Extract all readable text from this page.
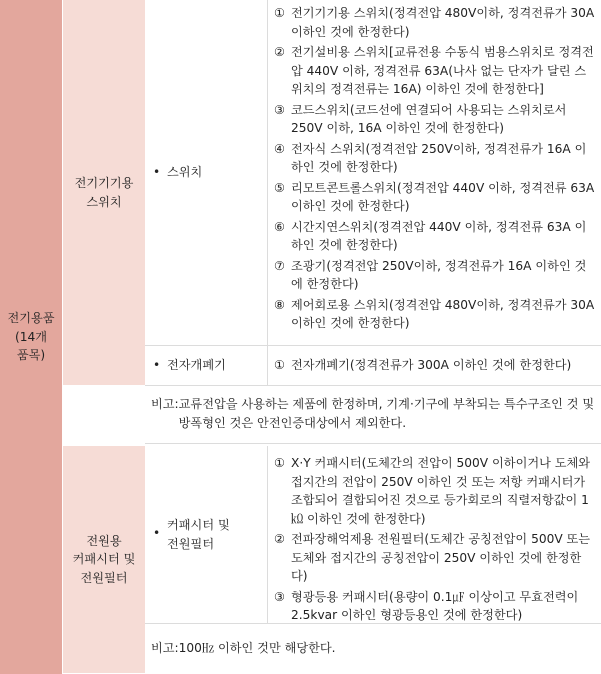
전기용품
(14개
품목)
전기기기용
스위치
• 스위치
① 전기기기용 스위치(정격전압 480V이하, 정격전류가 30A 이하인 것에 한정한다)
② 전기설비용 스위치[교류전용 수동식 범용스위치로 정격전압 440V 이하, 정격전류 63A(나사 없는 단자가 달린 스위치의 정격전류는 16A) 이하인 것에 한정한다]
③ 코드스위치(코드선에 연결되어 사용되는 스위치로서 250V 이하, 16A 이하인 것에 한정한다)
④ 전자식 스위치(정격전압 250V이하, 정격전류가 16A 이하인 것에 한정한다)
⑤ 리모트콘트롤스위치(정격전압 440V 이하, 정격전류 63A 이하인 것에 한정한다)
⑥ 시간지연스위치(정격전압 440V 이하, 정격전류 63A 이하인 것에 한정한다)
⑦ 조광기(정격전압 250V이하, 정격전류가 16A 이하인 것에 한정한다)
⑧ 제어회로용 스위치(정격전압 480V이하, 정격전류가 30A 이하인 것에 한정한다)
• 전자개폐기	① 전자개폐기(정격전류가 300A 이하인 것에 한정한다)
비고: 교류전압을 사용하는 제품에 한정하며, 기계·기구에 부착되는 특수구조인 것 및 방폭형인 것은 안전인증대상에서 제외한다.
전원용
커패시터 및
전원필터
•
커패시터 및
전원필터
① X·Y 커패시터(도체간의 전압이 500V 이하이거나 도체와 접지간의 전압이 250V 이하인 것 또는 저항 커패시터가 조합되어 결합되어진 것으로 등가회로의 직렬저항값이 1㏀ 이하인 것에 한정한다)
② 전파장해억제용 전원필터(도체간 공칭전압이 500V 또는 도체와 접지간의 공칭전압이 250V 이하인 것에 한정한다)
③ 형광등용 커패시터(용량이 0.1㎌ 이상이고 무효전력이 2.5kvar 이하인 형광등용인 것에 한정한다)
비고: 100㎐ 이하인 것만 해당한다.
